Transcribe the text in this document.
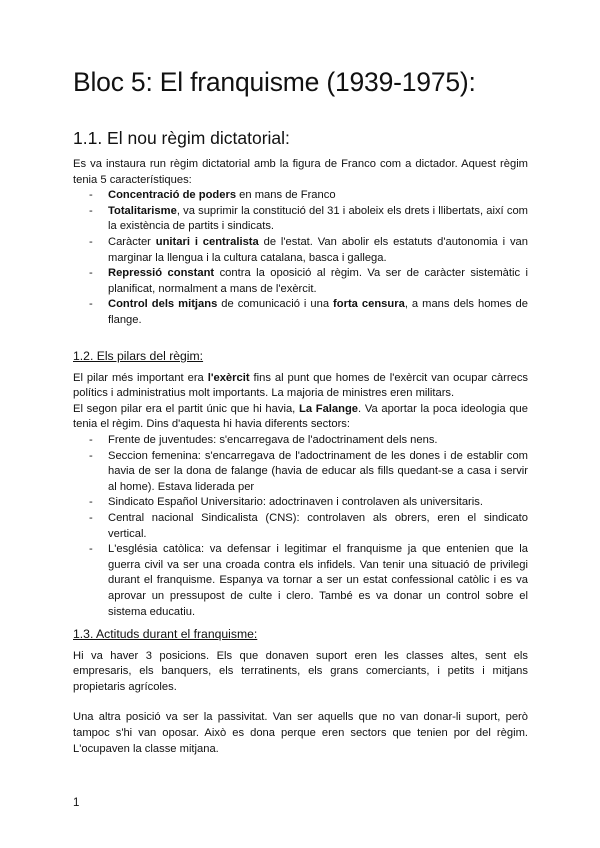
Bloc 5: El franquisme (1939-1975):
1.1. El nou règim dictatorial:

Es va instaura run règim dictatorial amb la figura de Franco com a dictador. Aquest règim tenia 5 característiques:

- Concentració de poders en mans de Franco
- Totalitarisme, va suprimir la constitució del 31 i aboleix els drets i llibertats, així com la existència de partits i sindicats.
- Caràcter unitari i centralista de l'estat. Van abolir els estatuts d'autonomia i van marginar la llengua i la cultura catalana, basca i gallega.
- Repressió constant contra la oposició al règim. Va ser de caràcter sistemàtic i planificat, normalment a mans de l'exèrcit.
- Control dels mitjans de comunicació i una forta censura, a mans dels homes de flange.
1.2. Els pilars del règim:

El pilar més important era l'exèrcit fins al punt que homes de l'exèrcit van ocupar càrrecs polítics i administratius molt importants. La majoria de ministres eren militars.

El segon pilar era el partit únic que hi havia, La Falange. Va aportar la poca ideologia que tenia el règim. Dins d'aquesta hi havia diferents sectors:

- Frente de juventudes: s'encarregava de l'adoctrinament dels nens.
- Seccion femenina: s'encarregava de l'adoctrinament de les dones i de establir com havia de ser la dona de falange (havia de educar als fills quedant-se a casa i servir al home). Estava liderada per
- Sindicato Español Universitario: adoctrinaven i controlaven als universitaris.
- Central nacional Sindicalista (CNS): controlaven als obrers, eren el sindicato vertical.
- L'església catòlica: va defensar i legitimar el franquisme ja que entenien que la guerra civil va ser una croada contra els infidels. Van tenir una situació de privilegi durant el franquisme. Espanya va tornar a ser un estat confessional catòlic i es va aprovar un pressupost de culte i clero. També es va donar un control sobre el sistema educatiu.
1.3. Actituds durant el franquisme:

Hi va haver 3 posicions. Els que donaven suport eren les classes altes, sent els empresaris, els banquers, els terratinents, els grans comerciants, i petits i mitjans propietaris agrícoles.

Una altra posició va ser la passivitat. Van ser aquells que no van donar-li suport, però tampoc s'hi van oposar. Això es dona perque eren sectors que tenien por del règim. L'ocupaven la classe mitjana.

1
